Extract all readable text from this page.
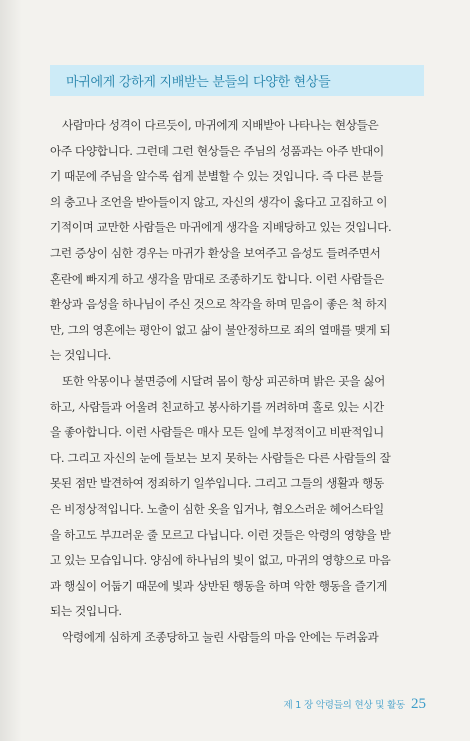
마귀에게 강하게 지배받는 분들의 다양한 현상들
사람마다 성격이 다르듯이, 마귀에게 지배받아 나타나는 현상들은
아주 다양합니다. 그런데 그런 현상들은 주님의 성품과는 아주 반대이
기 때문에 주님을 알수록 쉽게 분별할 수 있는 것입니다. 즉 다른 분들
의 충고나 조언을 받아들이지 않고, 자신의 생각이 옳다고 고집하고 이
기적이며 교만한 사람들은 마귀에게 생각을 지배당하고 있는 것입니다.
그런 증상이 심한 경우는 마귀가 환상을 보여주고 음성도 들려주면서
혼란에 빠지게 하고 생각을 맘대로 조종하기도 합니다. 이런 사람들은
환상과 음성을 하나님이 주신 것으로 착각을 하며 믿음이 좋은 척 하지
만, 그의 영혼에는 평안이 없고 삶이 불안정하므로 죄의 열매를 맺게 되
는 것입니다.
또한 악몽이나 불면증에 시달려 몸이 항상 피곤하며 밝은 곳을 싫어
하고, 사람들과 어울려 친교하고 봉사하기를 꺼려하며 홀로 있는 시간
을 좋아합니다. 이런 사람들은 매사 모든 일에 부정적이고 비판적입니
다. 그리고 자신의 눈에 들보는 보지 못하는 사람들은 다른 사람들의 잘
못된 점만 발견하여 정죄하기 일쑤입니다. 그리고 그들의 생활과 행동
은 비정상적입니다. 노출이 심한 옷을 입거나, 혐오스러운 헤어스타일
을 하고도 부끄러운 줄 모르고 다닙니다. 이런 것들은 악령의 영향을 받
고 있는 모습입니다. 양심에 하나님의 빛이 없고, 마귀의 영향으로 마음
과 행실이 어둡기 때문에 빛과 상반된 행동을 하며 악한 행동을 즐기게
되는 것입니다.
악령에게 심하게 조종당하고 눌린 사람들의 마음 안에는 두려움과
제 1 장 악령들의 현상 및 활동 25
